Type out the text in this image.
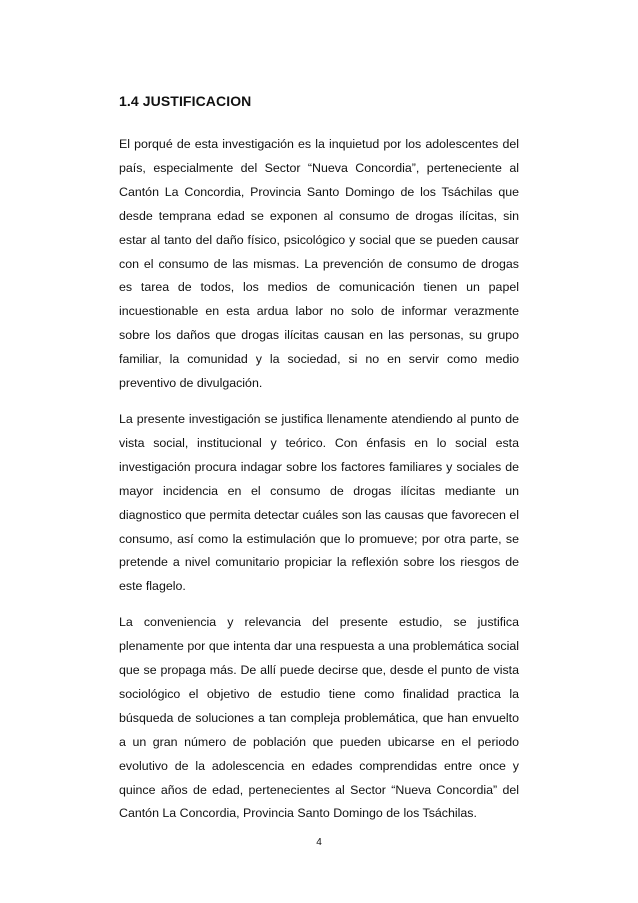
1.4 JUSTIFICACION

El porqué de esta investigación es la inquietud por los adolescentes del país, especialmente del Sector “Nueva Concordia”, perteneciente al Cantón La Concordia, Provincia Santo Domingo de los Tsáchilas que desde temprana edad se exponen al consumo de drogas ilícitas, sin estar al tanto del daño físico, psicológico y social que se pueden causar con el consumo de las mismas. La prevención de consumo de drogas es tarea de todos, los medios de comunicación tienen un papel incuestionable en esta ardua labor no solo de informar verazmente sobre los daños que drogas ilícitas causan en las personas, su grupo familiar, la comunidad y la sociedad, si no en servir como medio preventivo de divulgación.

La presente investigación se justifica llenamente atendiendo al punto de vista social, institucional y teórico. Con énfasis en lo social esta investigación procura indagar sobre los factores familiares y sociales de mayor incidencia en el consumo de drogas ilícitas mediante un diagnostico que permita detectar cuáles son las causas que favorecen el consumo, así como la estimulación que lo promueve; por otra parte, se pretende a nivel comunitario propiciar la reflexión sobre los riesgos de este flagelo.

La conveniencia y relevancia del presente estudio, se justifica plenamente por que intenta dar una respuesta a una problemática social que se propaga más. De allí puede decirse que, desde el punto de vista sociológico el objetivo de estudio tiene como finalidad practica la búsqueda de soluciones a tan compleja problemática, que han envuelto a un gran número de población que pueden ubicarse en el periodo evolutivo de la adolescencia en edades comprendidas entre once y quince años de edad, pertenecientes al Sector “Nueva Concordia” del Cantón La Concordia, Provincia Santo Domingo de los Tsáchilas.

4
